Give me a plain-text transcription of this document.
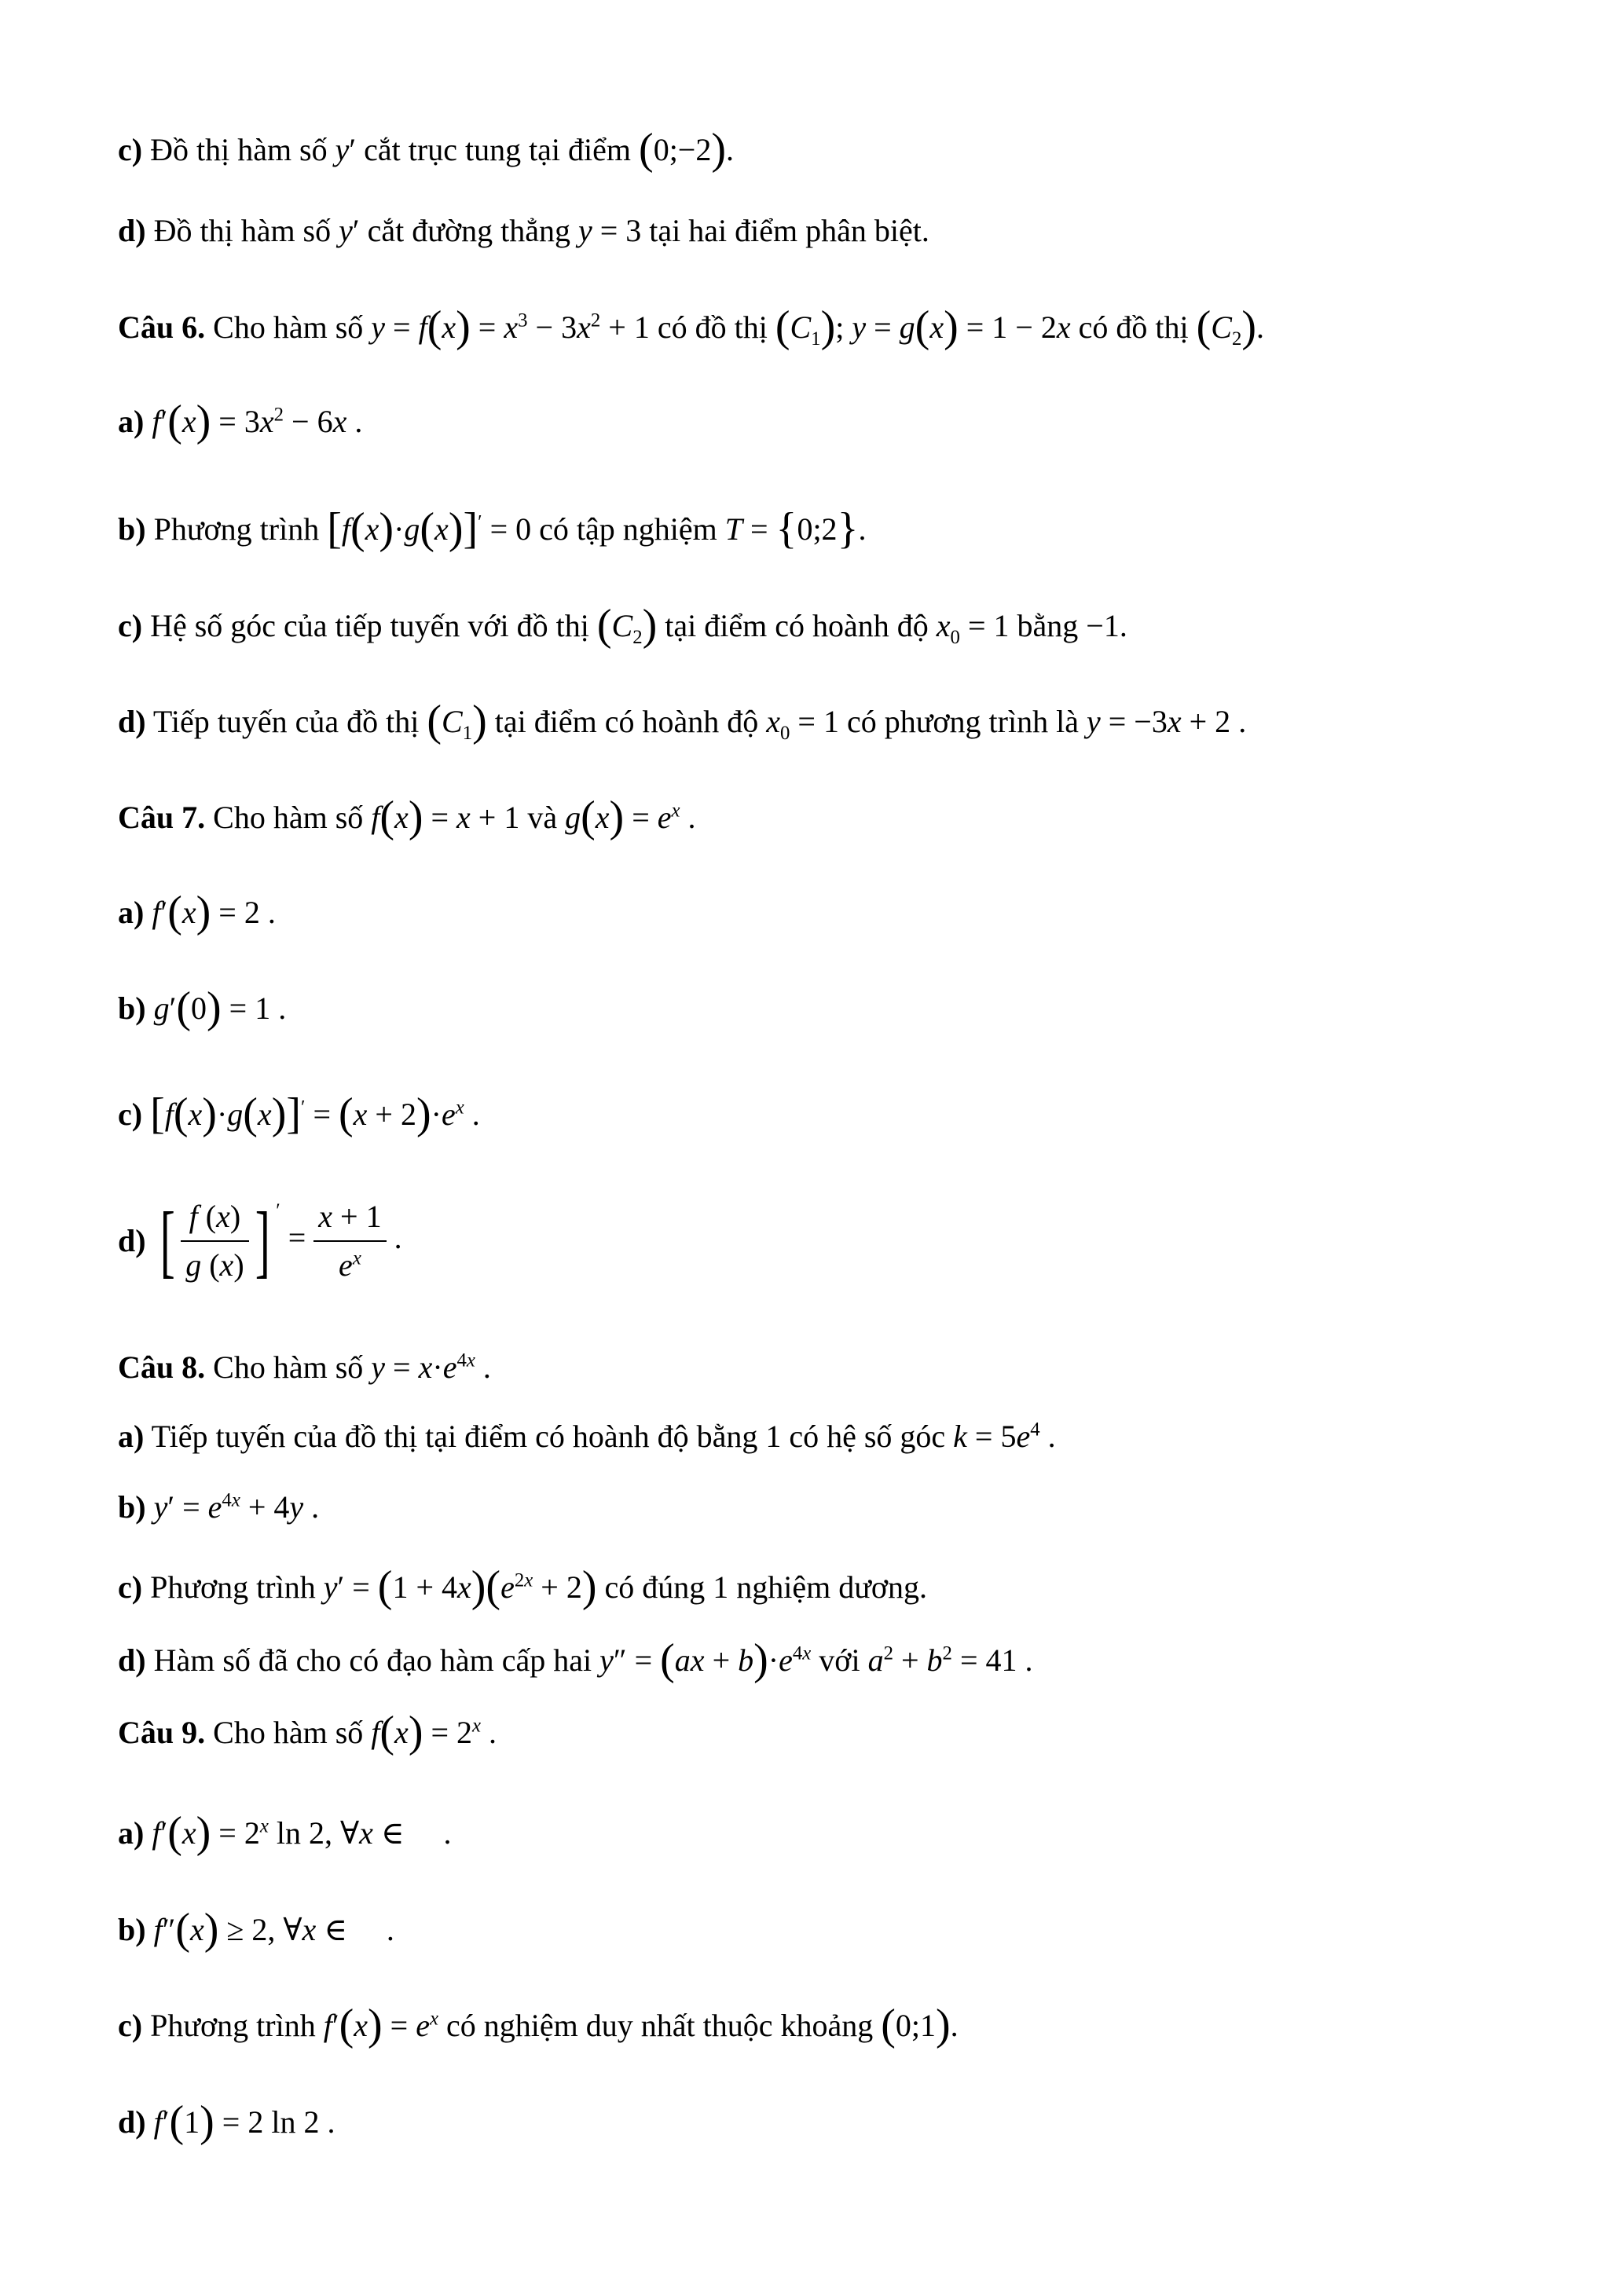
c) Đồ thị hàm số y′ cắt trục tung tại điểm (0;−2).
d) Đồ thị hàm số y′ cắt đường thẳng y = 3 tại hai điểm phân biệt.
Câu 6. Cho hàm số $y = f(x) = x^3 - 3x^2 + 1$ có đồ thị $(C_1)$; y = g(x) = 1 − 2x có đồ thị $(C_2)$.
a) $f'(x) = 3x^2 - 6x$ .
b) Phương trình [f(x)·g(x)]′ = 0 có tập nghiệm T = {0;2}.
c) Hệ số góc của tiếp tuyến với đồ thị $(C_2)$ tại điểm có hoành độ $x_0 = 1$ bằng −1.
d) Tiếp tuyến của đồ thị $(C_1)$ tại điểm có hoành độ $x_0 = 1$ có phương trình là y = −3x + 2 .
Câu 7. Cho hàm số f(x) = x + 1 và $g(x) = e^x$ .
a) f′(x) = 2 .
b) g′(0) = 1 .
c) $[f(x)\cdot g(x)]' = (x + 2)\cdot e^x$ .
d) [ $\frac{f (x)}{g (x)}$ ] $' = \frac{x + 1}{e^x}$ .
Câu 8. Cho hàm số $y = x\cdot e^{4x}$ .
a) Tiếp tuyến của đồ thị tại điểm có hoành độ bằng 1 có hệ số góc $k = 5e^4$ .
b) $y' = e^{4x} + 4y$ .
c) Phương trình $y' = (1 + 4x)(e^{2x} + 2)$ có đúng 1 nghiệm dương.
d) Hàm số đã cho có đạo hàm cấp hai $y'' = (ax + b)\cdot e^{4x}$ với $a^2 + b^2 = 41$ .
Câu 9. Cho hàm số $f(x) = 2^x$ .
a) $f'(x) = 2^x$ ln 2, ∀x ∈     .
b) f″(x) ≥ 2, ∀x ∈     .
c) Phương trình $f'(x) = e^x$ có nghiệm duy nhất thuộc khoảng (0;1).
d) f′(1) = 2 ln 2 .
